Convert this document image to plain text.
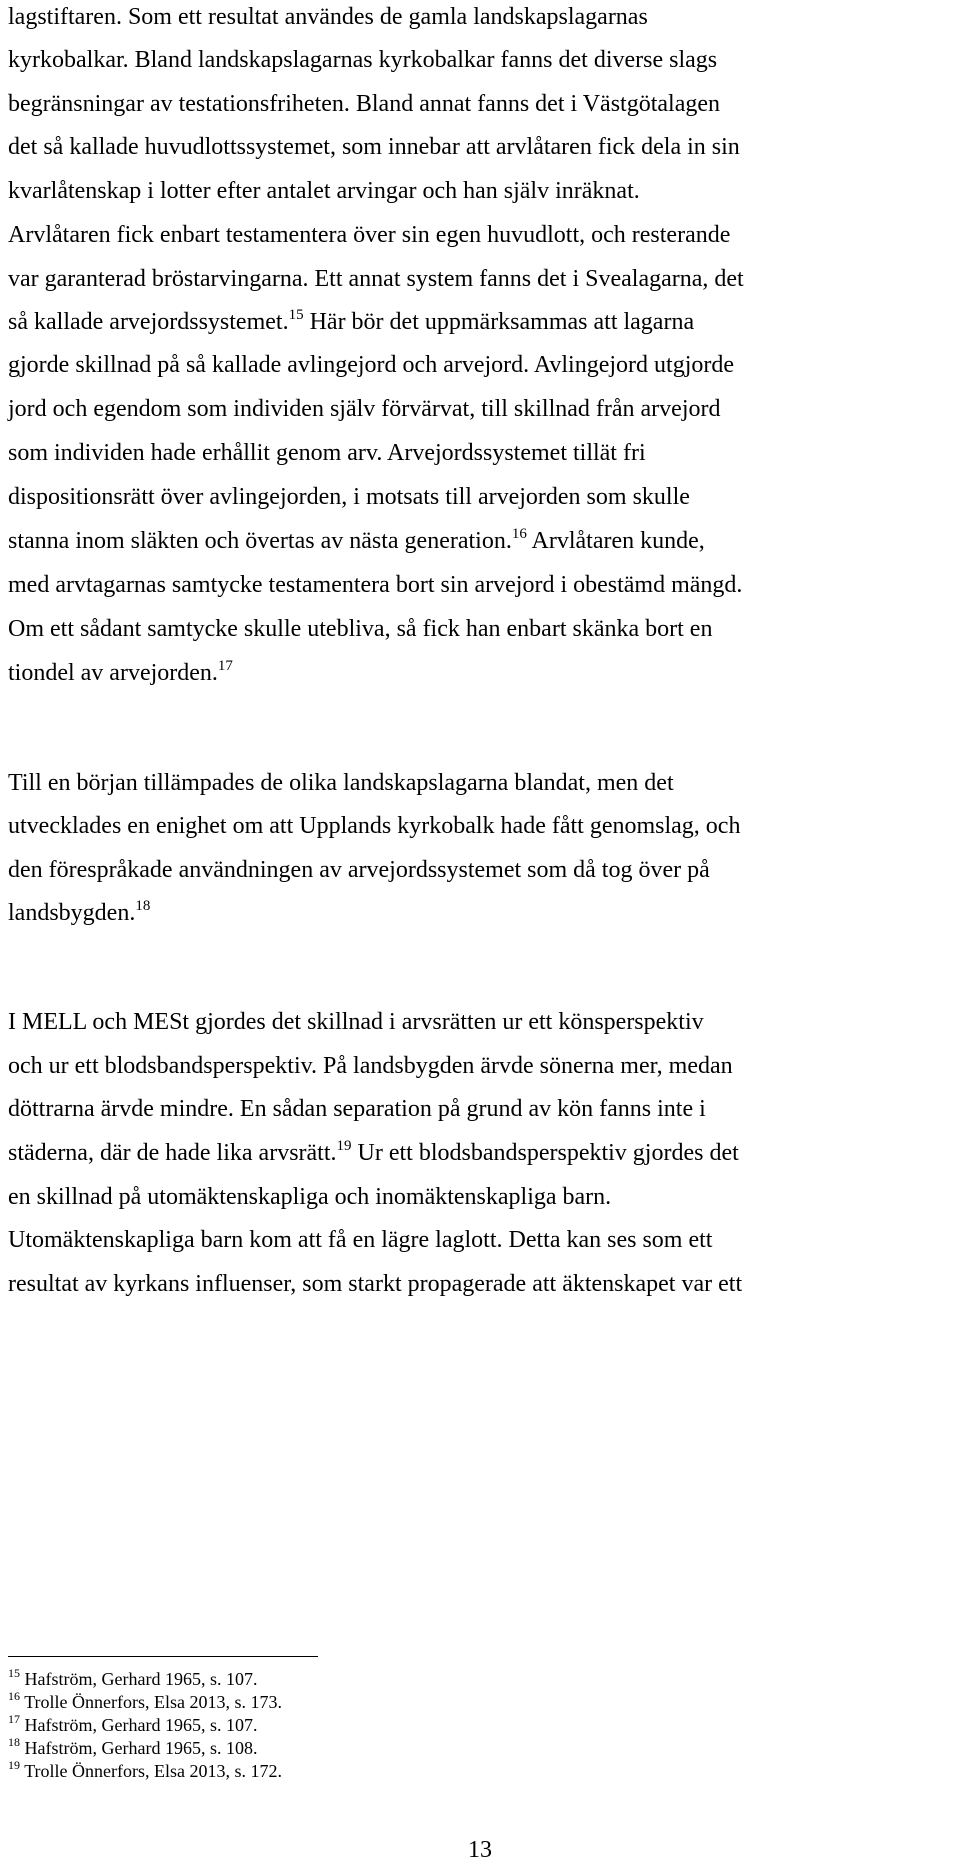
lagstiftaren. Som ett resultat användes de gamla landskapslagarnas
kyrkobalkar. Bland landskapslagarnas kyrkobalkar fanns det diverse slags
begränsningar av testationsfriheten. Bland annat fanns det i Västgötalagen
det så kallade huvudlottssystemet, som innebar att arvlåtaren fick dela in sin
kvarlåtenskap i lotter efter antalet arvingar och han själv inräknat.
Arvlåtaren fick enbart testamentera över sin egen huvudlott, och resterande
var garanterad bröstarvingarna. Ett annat system fanns det i Svealagarna, det
så kallade arvejordssystemet.$^{15}$ Här bör det uppmärksammas att lagarna
gjorde skillnad på så kallade avlingejord och arvejord. Avlingejord utgjorde
jord och egendom som individen själv förvärvat, till skillnad från arvejord
som individen hade erhållit genom arv. Arvejordssystemet tillät fri
dispositionsrätt över avlingejorden, i motsats till arvejorden som skulle
stanna inom släkten och övertas av nästa generation.$^{16}$ Arvlåtaren kunde,
med arvtagarnas samtycke testamentera bort sin arvejord i obestämd mängd.
Om ett sådant samtycke skulle utebliva, så fick han enbart skänka bort en
tiondel av arvejorden.$^{17}$
Till en början tillämpades de olika landskapslagarna blandat, men det
utvecklades en enighet om att Upplands kyrkobalk hade fått genomslag, och
den förespråkade användningen av arvejordssystemet som då tog över på
landsbygden.$^{18}$
I MELL och MESt gjordes det skillnad i arvsrätten ur ett könsperspektiv
och ur ett blodsbandsperspektiv. På landsbygden ärvde sönerna mer, medan
döttrarna ärvde mindre. En sådan separation på grund av kön fanns inte i
städerna, där de hade lika arvsrätt.$^{19}$ Ur ett blodsbandsperspektiv gjordes det
en skillnad på utomäktenskapliga och inomäktenskapliga barn.
Utomäktenskapliga barn kom att få en lägre laglott. Detta kan ses som ett
resultat av kyrkans influenser, som starkt propagerade att äktenskapet var ett
$^{15}$ Hafström, Gerhard 1965, s. 107.
$^{16}$ Trolle Önnerfors, Elsa 2013, s. 173.
$^{17}$ Hafström, Gerhard 1965, s. 107.
$^{18}$ Hafström, Gerhard 1965, s. 108.
$^{19}$ Trolle Önnerfors, Elsa 2013, s. 172.
13
